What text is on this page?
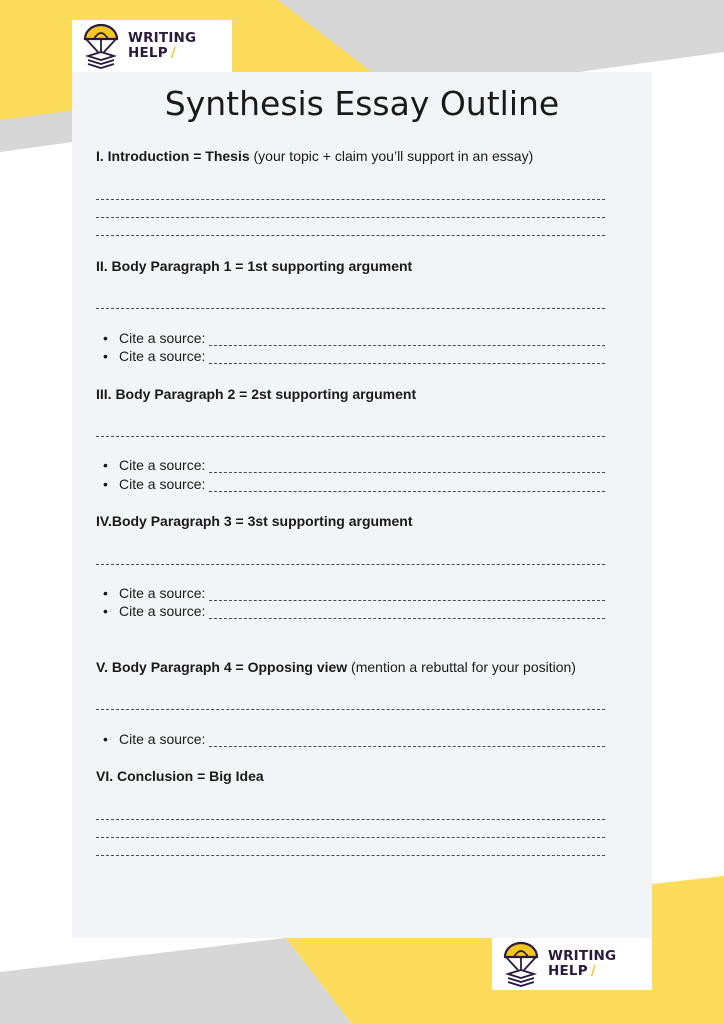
WRITING
HELP /
Synthesis Essay Outline
I. Introduction = Thesis (your topic + claim you’ll support in an essay)
II. Body Paragraph 1 = 1st supporting argument
• Cite a source:
• Cite a source:
III. Body Paragraph 2 = 2st supporting argument
• Cite a source:
• Cite a source:
IV.Body Paragraph 3 = 3st supporting argument
• Cite a source:
• Cite a source:
V. Body Paragraph 4 = Opposing view (mention a rebuttal for your position)
• Cite a source:
VI. Conclusion = Big Idea
WRITING
HELP /
